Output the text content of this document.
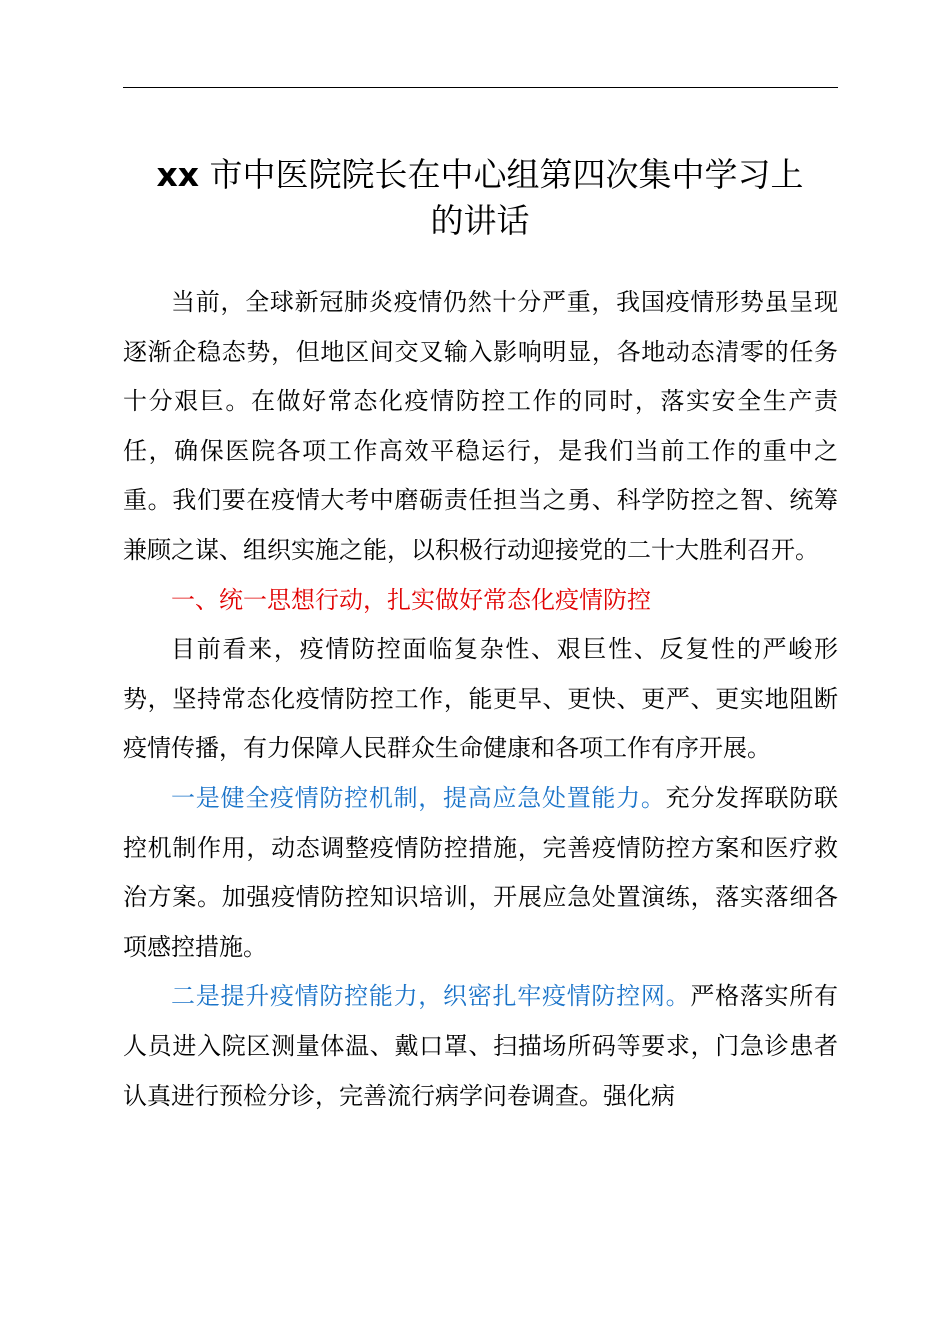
xx 市中医院院长在中心组第四次集中学习上
的讲话

当前，全球新冠肺炎疫情仍然十分严重，我国疫情形势虽呈现逐渐企稳态势，但地区间交叉输入影响明显，各地动态清零的任务十分艰巨。在做好常态化疫情防控工作的同时，落实安全生产责任，确保医院各项工作高效平稳运行，是我们当前工作的重中之重。我们要在疫情大考中磨砺责任担当之勇、科学防控之智、统筹兼顾之谋、组织实施之能，以积极行动迎接党的二十大胜利召开。

一、统一思想行动，扎实做好常态化疫情防控

目前看来，疫情防控面临复杂性、艰巨性、反复性的严峻形势，坚持常态化疫情防控工作，能更早、更快、更严、更实地阻断疫情传播，有力保障人民群众生命健康和各项工作有序开展。

一是健全疫情防控机制，提高应急处置能力。充分发挥联防联控机制作用，动态调整疫情防控措施，完善疫情防控方案和医疗救治方案。加强疫情防控知识培训，开展应急处置演练，落实落细各项感控措施。

二是提升疫情防控能力，织密扎牢疫情防控网。严格落实所有人员进入院区测量体温、戴口罩、扫描场所码等要求，门急诊患者认真进行预检分诊，完善流行病学问卷调查。强化病
